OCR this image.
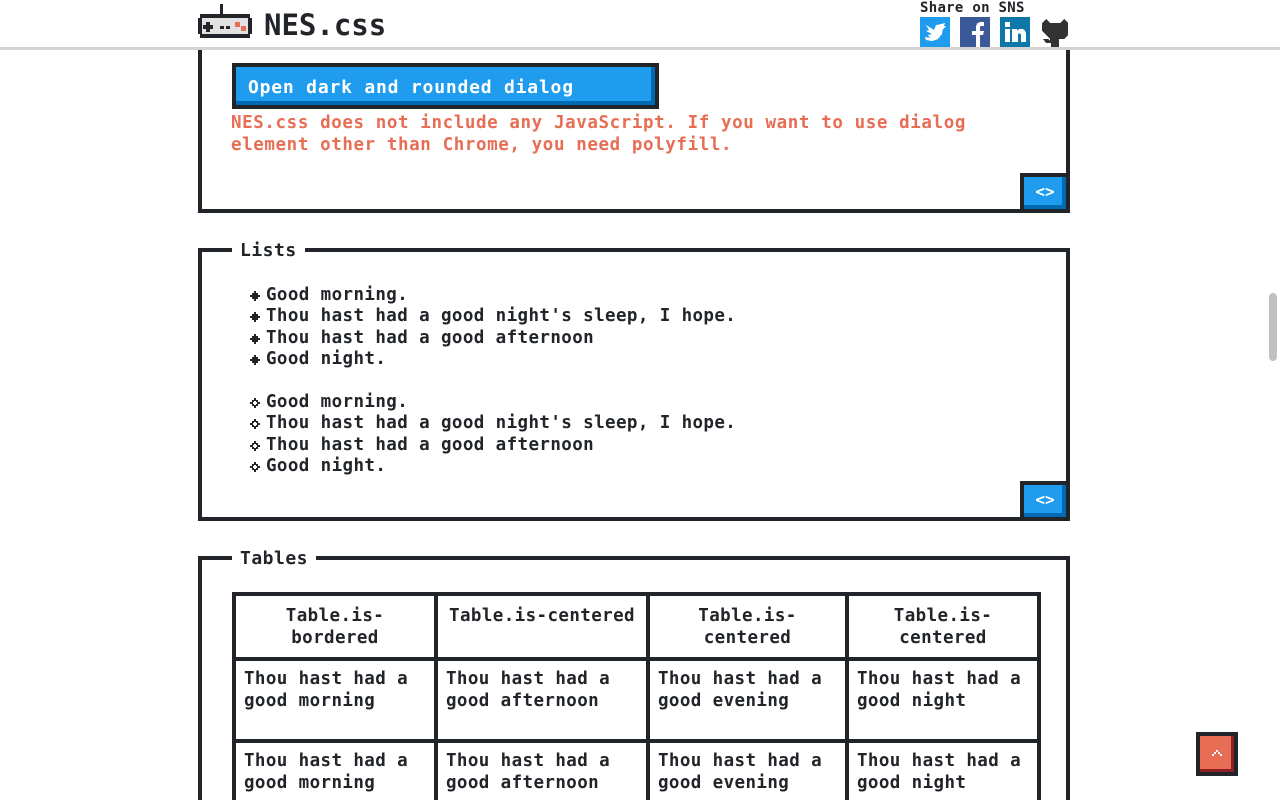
NES.css	Share on SNS
Open dark and rounded dialog
NES.css does not include any JavaScript. If you want to use dialog element other than Chrome, you need polyfill.
<>
Lists
Good morning.
Thou hast had a good night's sleep, I hope.
Thou hast had a good afternoon
Good night.
Good morning.
Thou hast had a good night's sleep, I hope.
Thou hast had a good afternoon
Good night.
<>
Tables
Table.is-bordered	Table.is-centered	Table.is-centered	Table.is-centered
Thou hast had a good morning	Thou hast had a good afternoon	Thou hast had a good evening	Thou hast had a good night
Thou hast had a good morning	Thou hast had a good afternoon	Thou hast had a good evening	Thou hast had a good night
